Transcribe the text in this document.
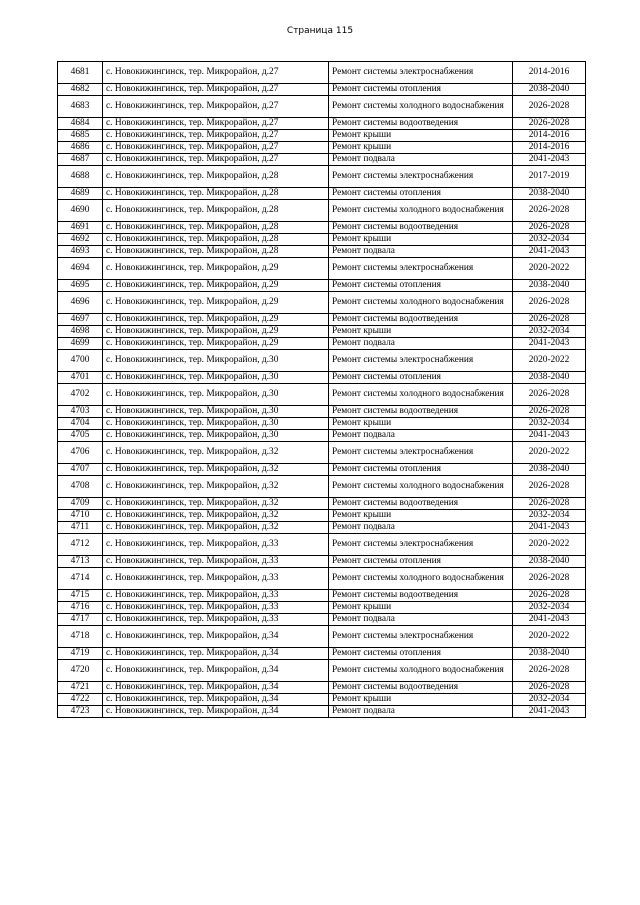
Страница 115
4681	с. Новокижингинск, тер. Микрорайон, д.27	Ремонт системы электроснабжения	2014-2016
4682	с. Новокижингинск, тер. Микрорайон, д.27	Ремонт системы отопления	2038-2040
4683	с. Новокижингинск, тер. Микрорайон, д.27	Ремонт системы холодного водоснабжения	2026-2028
4684	с. Новокижингинск, тер. Микрорайон, д.27	Ремонт системы водоотведения	2026-2028
4685	с. Новокижингинск, тер. Микрорайон, д.27	Ремонт крыши	2014-2016
4686	с. Новокижингинск, тер. Микрорайон, д.27	Ремонт крыши	2014-2016
4687	с. Новокижингинск, тер. Микрорайон, д.27	Ремонт подвала	2041-2043
4688	с. Новокижингинск, тер. Микрорайон, д.28	Ремонт системы электроснабжения	2017-2019
4689	с. Новокижингинск, тер. Микрорайон, д.28	Ремонт системы отопления	2038-2040
4690	с. Новокижингинск, тер. Микрорайон, д.28	Ремонт системы холодного водоснабжения	2026-2028
4691	с. Новокижингинск, тер. Микрорайон, д.28	Ремонт системы водоотведения	2026-2028
4692	с. Новокижингинск, тер. Микрорайон, д.28	Ремонт крыши	2032-2034
4693	с. Новокижингинск, тер. Микрорайон, д.28	Ремонт подвала	2041-2043
4694	с. Новокижингинск, тер. Микрорайон, д.29	Ремонт системы электроснабжения	2020-2022
4695	с. Новокижингинск, тер. Микрорайон, д.29	Ремонт системы отопления	2038-2040
4696	с. Новокижингинск, тер. Микрорайон, д.29	Ремонт системы холодного водоснабжения	2026-2028
4697	с. Новокижингинск, тер. Микрорайон, д.29	Ремонт системы водоотведения	2026-2028
4698	с. Новокижингинск, тер. Микрорайон, д.29	Ремонт крыши	2032-2034
4699	с. Новокижингинск, тер. Микрорайон, д.29	Ремонт подвала	2041-2043
4700	с. Новокижингинск, тер. Микрорайон, д.30	Ремонт системы электроснабжения	2020-2022
4701	с. Новокижингинск, тер. Микрорайон, д.30	Ремонт системы отопления	2038-2040
4702	с. Новокижингинск, тер. Микрорайон, д.30	Ремонт системы холодного водоснабжения	2026-2028
4703	с. Новокижингинск, тер. Микрорайон, д.30	Ремонт системы водоотведения	2026-2028
4704	с. Новокижингинск, тер. Микрорайон, д.30	Ремонт крыши	2032-2034
4705	с. Новокижингинск, тер. Микрорайон, д.30	Ремонт подвала	2041-2043
4706	с. Новокижингинск, тер. Микрорайон, д.32	Ремонт системы электроснабжения	2020-2022
4707	с. Новокижингинск, тер. Микрорайон, д.32	Ремонт системы отопления	2038-2040
4708	с. Новокижингинск, тер. Микрорайон, д.32	Ремонт системы холодного водоснабжения	2026-2028
4709	с. Новокижингинск, тер. Микрорайон, д.32	Ремонт системы водоотведения	2026-2028
4710	с. Новокижингинск, тер. Микрорайон, д.32	Ремонт крыши	2032-2034
4711	с. Новокижингинск, тер. Микрорайон, д.32	Ремонт подвала	2041-2043
4712	с. Новокижингинск, тер. Микрорайон, д.33	Ремонт системы электроснабжения	2020-2022
4713	с. Новокижингинск, тер. Микрорайон, д.33	Ремонт системы отопления	2038-2040
4714	с. Новокижингинск, тер. Микрорайон, д.33	Ремонт системы холодного водоснабжения	2026-2028
4715	с. Новокижингинск, тер. Микрорайон, д.33	Ремонт системы водоотведения	2026-2028
4716	с. Новокижингинск, тер. Микрорайон, д.33	Ремонт крыши	2032-2034
4717	с. Новокижингинск, тер. Микрорайон, д.33	Ремонт подвала	2041-2043
4718	с. Новокижингинск, тер. Микрорайон, д.34	Ремонт системы электроснабжения	2020-2022
4719	с. Новокижингинск, тер. Микрорайон, д.34	Ремонт системы отопления	2038-2040
4720	с. Новокижингинск, тер. Микрорайон, д.34	Ремонт системы холодного водоснабжения	2026-2028
4721	с. Новокижингинск, тер. Микрорайон, д.34	Ремонт системы водоотведения	2026-2028
4722	с. Новокижингинск, тер. Микрорайон, д.34	Ремонт крыши	2032-2034
4723	с. Новокижингинск, тер. Микрорайон, д.34	Ремонт подвала	2041-2043
